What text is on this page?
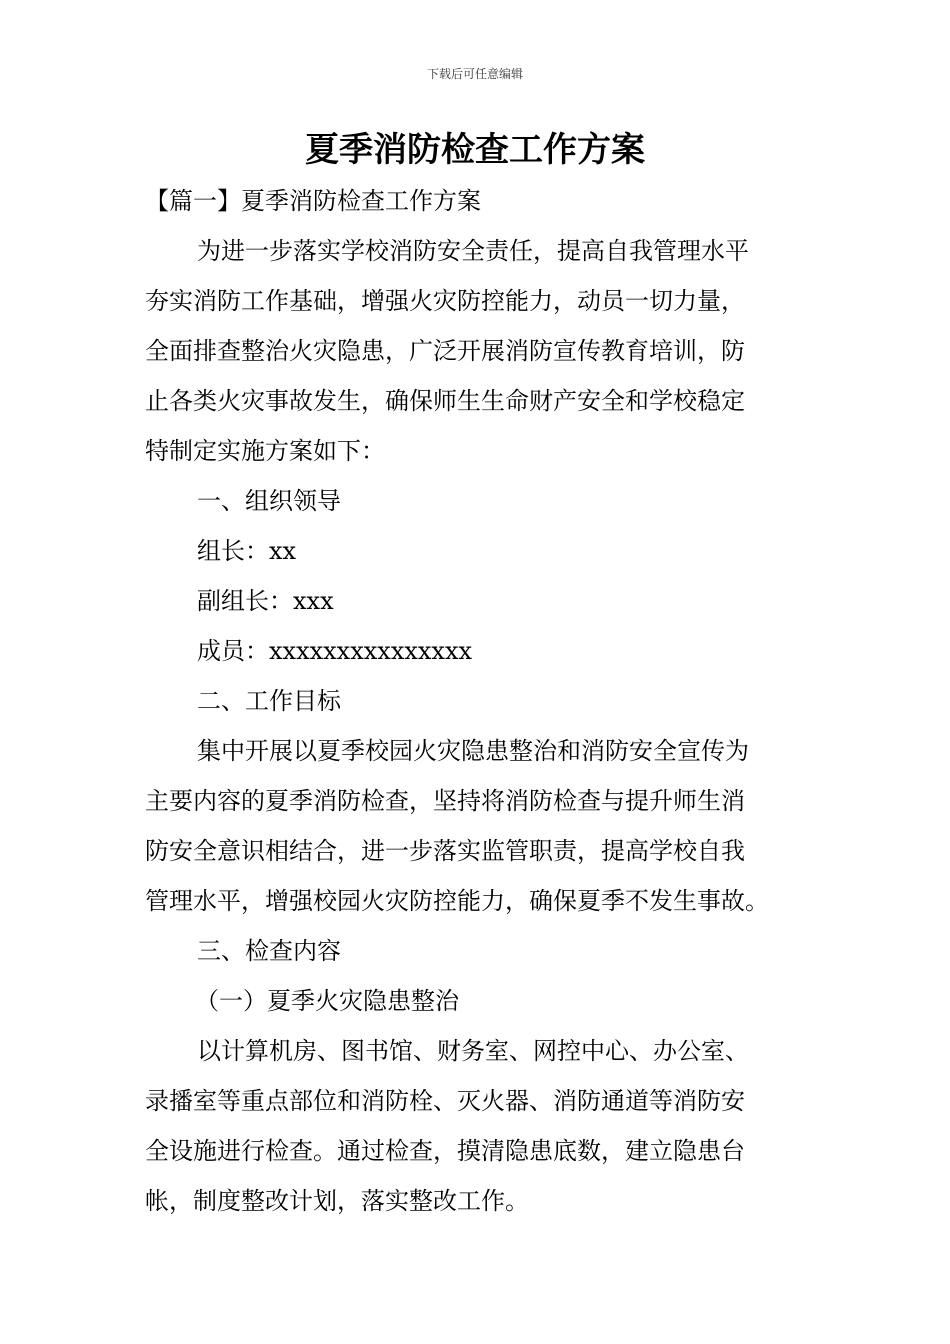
下载后可任意编辑
夏季消防检查工作方案
【篇一】夏季消防检查工作方案
为进一步落实学校消防安全责任，提高自我管理水平
夯实消防工作基础，增强火灾防控能力，动员一切力量，
全面排查整治火灾隐患，广泛开展消防宣传教育培训，防
止各类火灾事故发生，确保师生生命财产安全和学校稳定
特制定实施方案如下：
一、组织领导
组长：xx
副组长：xxx
成员：xxxxxxxxxxxxxxx
二、工作目标
集中开展以夏季校园火灾隐患整治和消防安全宣传为
主要内容的夏季消防检查，坚持将消防检查与提升师生消
防安全意识相结合，进一步落实监管职责，提高学校自我
管理水平，增强校园火灾防控能力，确保夏季不发生事故。
三、检查内容
（一）夏季火灾隐患整治
以计算机房、图书馆、财务室、网控中心、办公室、
录播室等重点部位和消防栓、灭火器、消防通道等消防安
全设施进行检查。通过检查，摸清隐患底数，建立隐患台
帐，制度整改计划，落实整改工作。
